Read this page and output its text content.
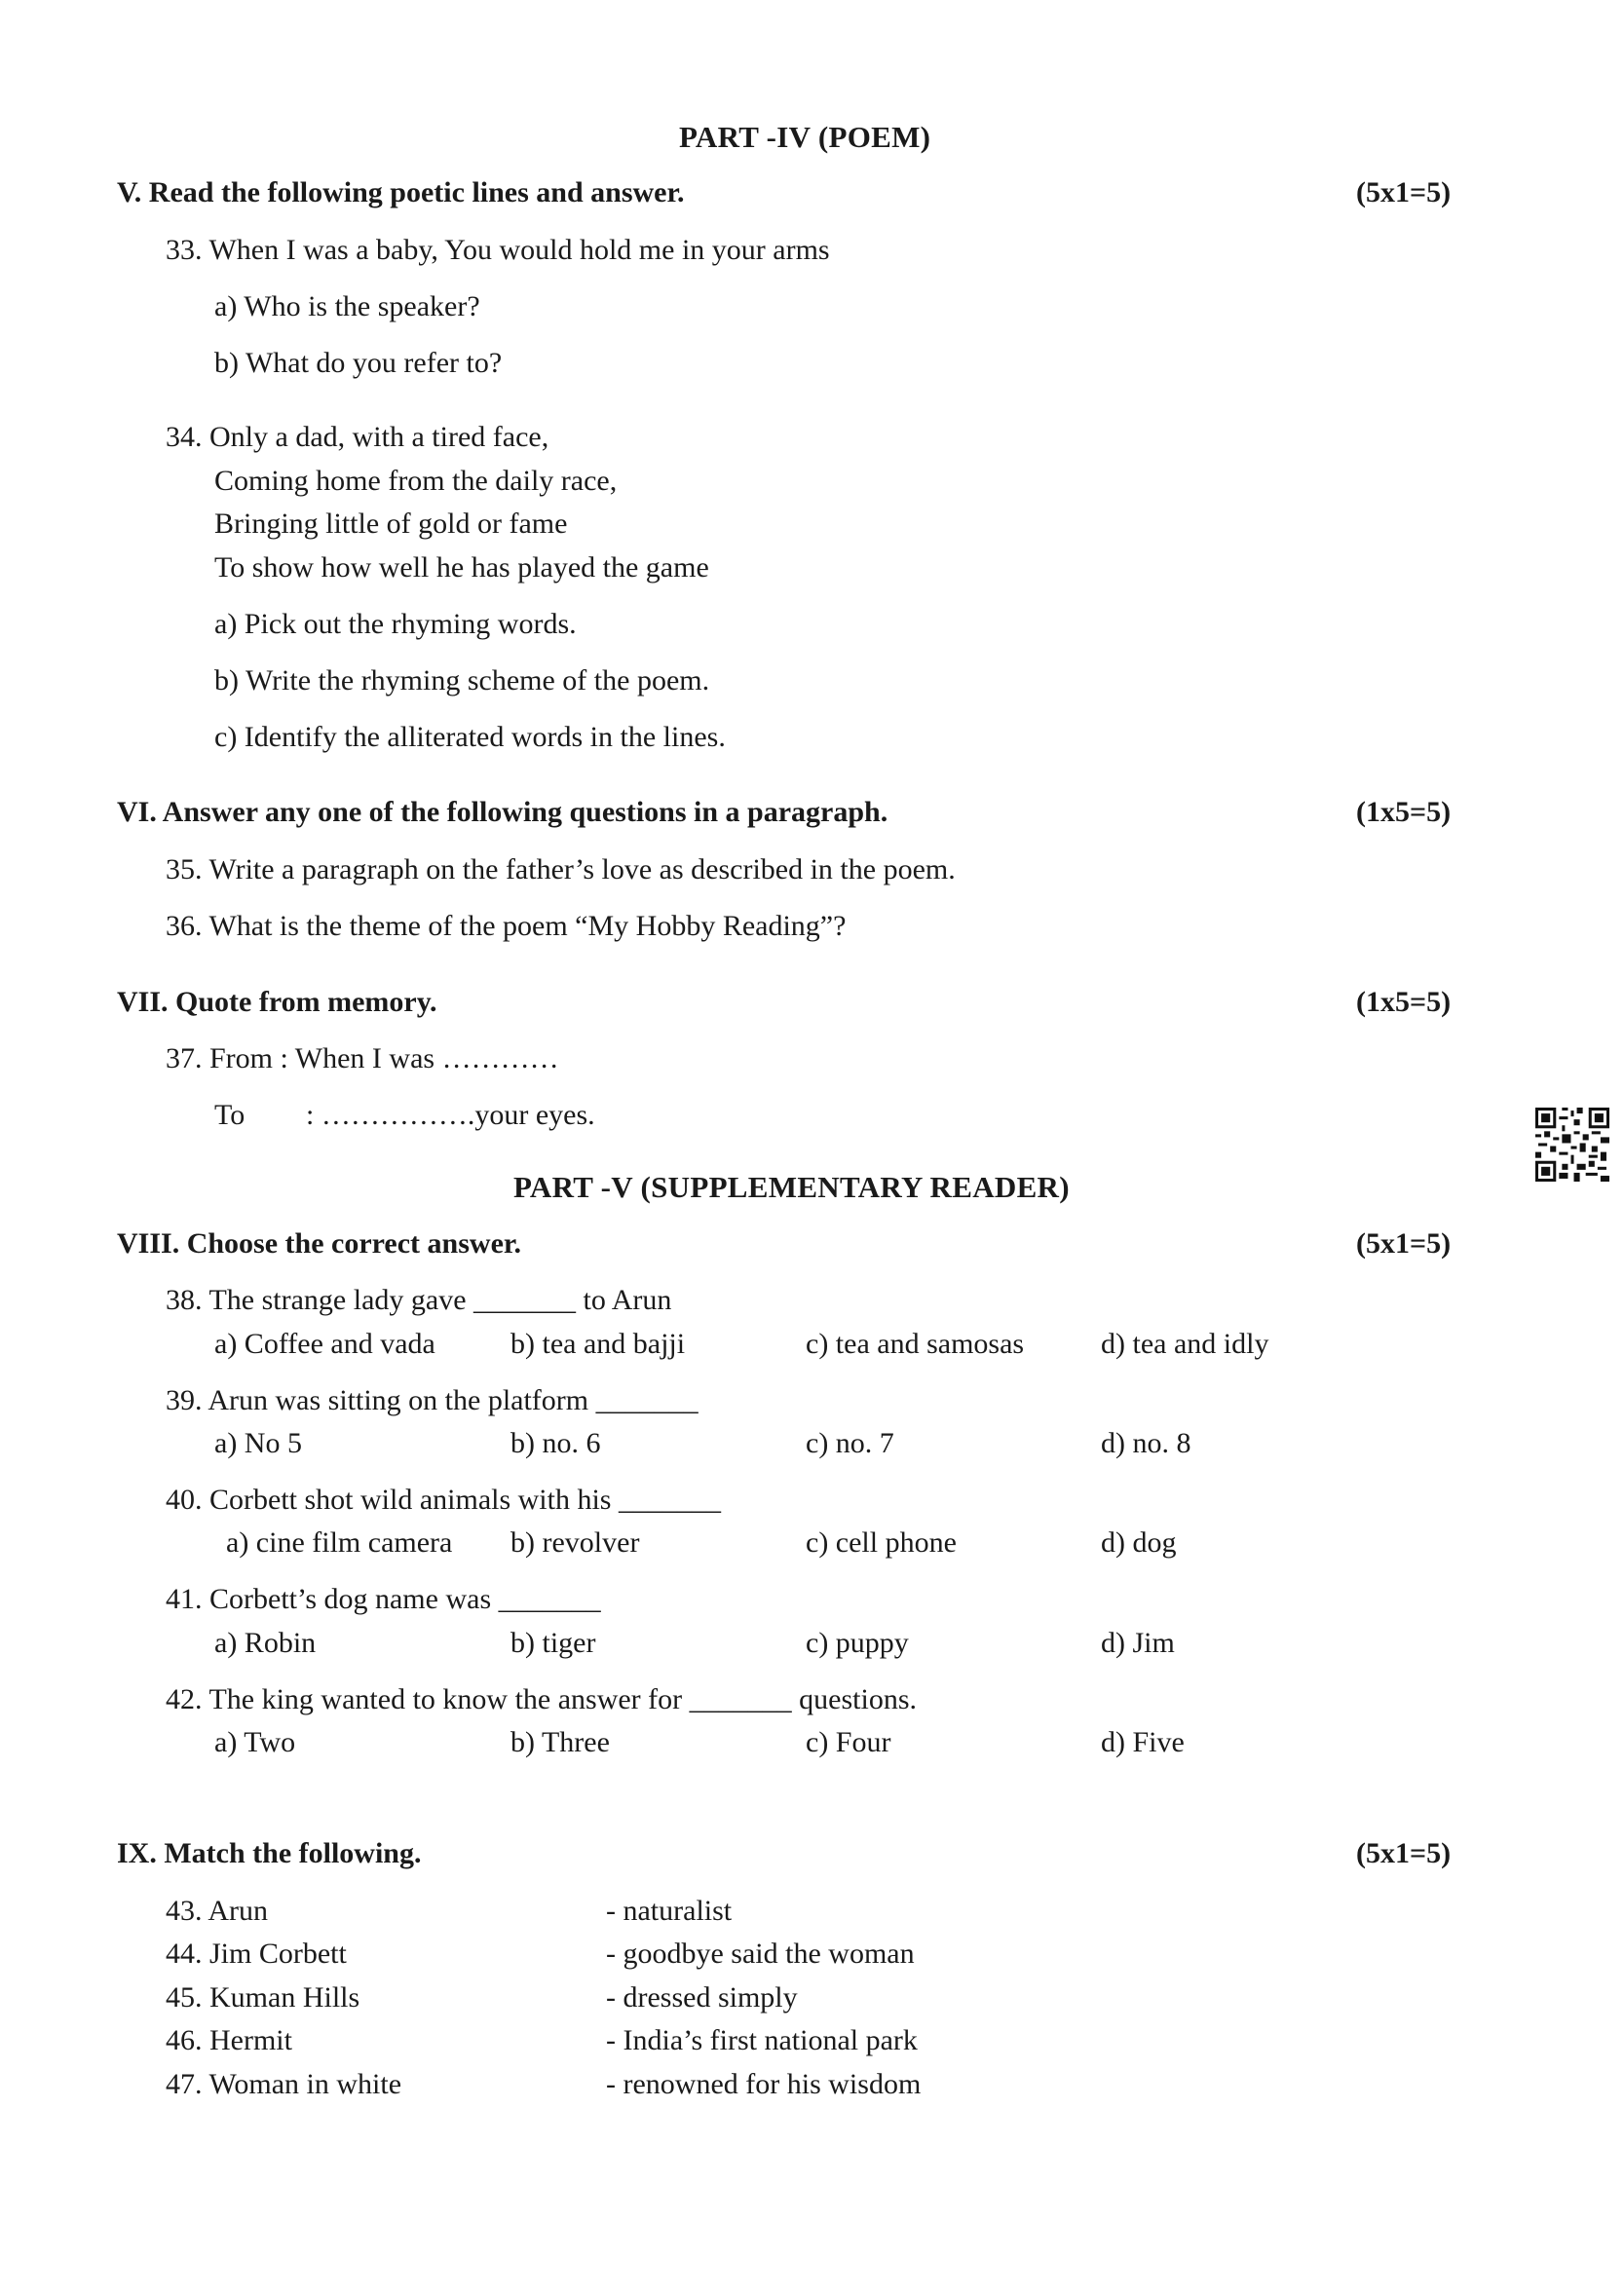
PART -IV (POEM)
V. Read the following poetic lines and answer.	(5x1=5)
33. When I was a baby, You would hold me in your arms
a) Who is the speaker?
b) What do you refer to?
34. Only a dad, with a tired face,
Coming home from the daily race,
Bringing little of gold or fame
To show how well he has played the game
a) Pick out the rhyming words.
b) Write the rhyming scheme of the poem.
c) Identify the alliterated words in the lines.
VI. Answer any one of the following questions in a paragraph.	(1x5=5)
35. Write a paragraph on the father’s love as described in the poem.
36. What is the theme of the poem “My Hobby Reading”?
VII. Quote from memory.	(1x5=5)
37. From : When I was …………
To : …………….your eyes.
PART -V (SUPPLEMENTARY READER)
VIII. Choose the correct answer.	(5x1=5)
38. The strange lady gave _______ to Arun
a) Coffee and vada	b) tea and bajji	c) tea and samosas	d) tea and idly
39. Arun was sitting on the platform _______
a) No 5	b) no. 6	c) no. 7	d) no. 8
40. Corbett shot wild animals with his _______
a) cine film camera b) revolver	c) cell phone	d) dog
41. Corbett’s dog name was _______
a) Robin	b) tiger	c) puppy	d) Jim
42. The king wanted to know the answer for _______ questions.
a) Two	b) Three	c) Four	d) Five
IX. Match the following.	(5x1=5)
43. Arun	- naturalist
44. Jim Corbett	- goodbye said the woman
45. Kuman Hills	- dressed simply
46. Hermit	- India’s first national park
47. Woman in white	- renowned for his wisdom
